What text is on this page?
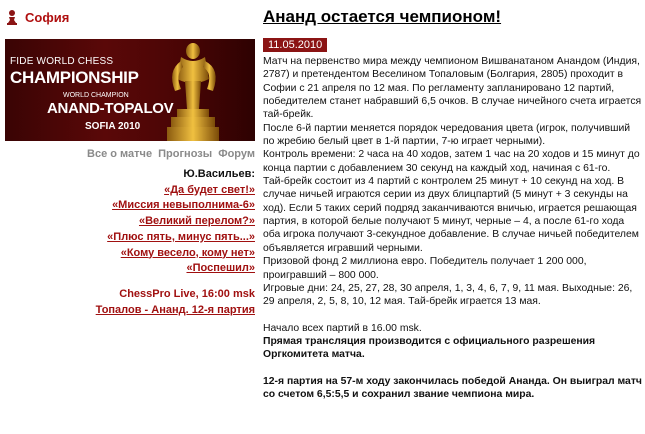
София
FIDE WORLD CHESS
CHAMPIONSHIP
WORLD CHAMPION
ANAND-TOPALOV
SOFIA 2010
Все о матче Прогнозы Форум
Ю.Васильев:
«Да будет свет!»
«Миссия невыполнима-6»
«Великий перелом?»
«Плюс пять, минус пять...»
«Кому весело, кому нет»
«Поспешил»
ChessPro Live, 16:00 msk
Топалов - Ананд. 12-я партия
Ананд остается чемпионом!
11.05.2010

Матч на первенство мира между чемпионом Вишванатаном Анандом (Индия, 2787) и претендентом Веселином Топаловым (Болгария, 2805) проходит в Софии с 21 апреля по 12 мая. По регламенту запланировано 12 партий, победителем станет набравший 6,5 очков. В случае ничейного счета играется тай-брейк.

После 6-й партии меняется порядок чередования цвета (игрок, получивший по жребию белый цвет в 1-й партии, 7-ю играет черными).

Контроль времени: 2 часа на 40 ходов, затем 1 час на 20 ходов и 15 минут до конца партии с добавлением 30 секунд на каждый ход, начиная с 61-го.

Тай-брейк состоит из 4 партий с контролем 25 минут + 10 секунд на ход. В случае ничьей играются серии из двух блицпартий (5 минут + 3 секунды на ход). Если 5 таких серий подряд заканчиваются вничью, играется решающая партия, в которой белые получают 5 минут, черные – 4, а после 61-го хода оба игрока получают 3-секундное добавление. В случае ничьей победителем объявляется игравший черными.

Призовой фонд 2 миллиона евро. Победитель получает 1 200 000, проигравший – 800 000.

Игровые дни: 24, 25, 27, 28, 30 апреля, 1, 3, 4, 6, 7, 9, 11 мая. Выходные: 26, 29 апреля, 2, 5, 8, 10, 12 мая. Тай-брейк играется 13 мая.

Начало всех партий в 16.00 msk.

Прямая трансляция производится с официального разрешения Оргкомитета матча.

12-я партия на 57-м ходу закончилась победой Ананда. Он выиграл матч со счетом 6,5:5,5 и сохранил звание чемпиона мира.
